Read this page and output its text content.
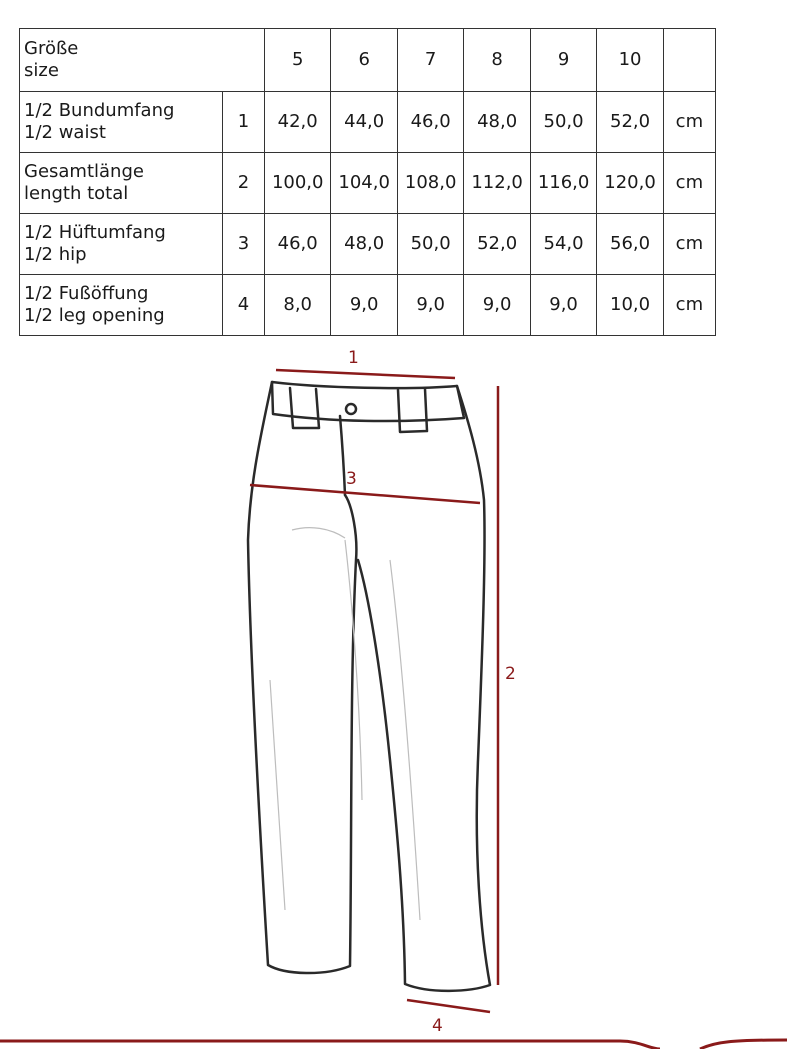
Größe
size		5	6	7	8	9	10	

1/2 Bundumfang
1/2 waist	1	42,0	44,0	46,0	48,0	50,0	52,0	cm

Gesamtlänge
length total	2	100,0	104,0	108,0	112,0	116,0	120,0	cm

1/2 Hüftumfang
1/2 hip	3	46,0	48,0	50,0	52,0	54,0	56,0	cm

1/2 Fußöffung
1/2 leg opening	4	8,0	9,0	9,0	9,0	9,0	10,0	cm
1
3
2
4
